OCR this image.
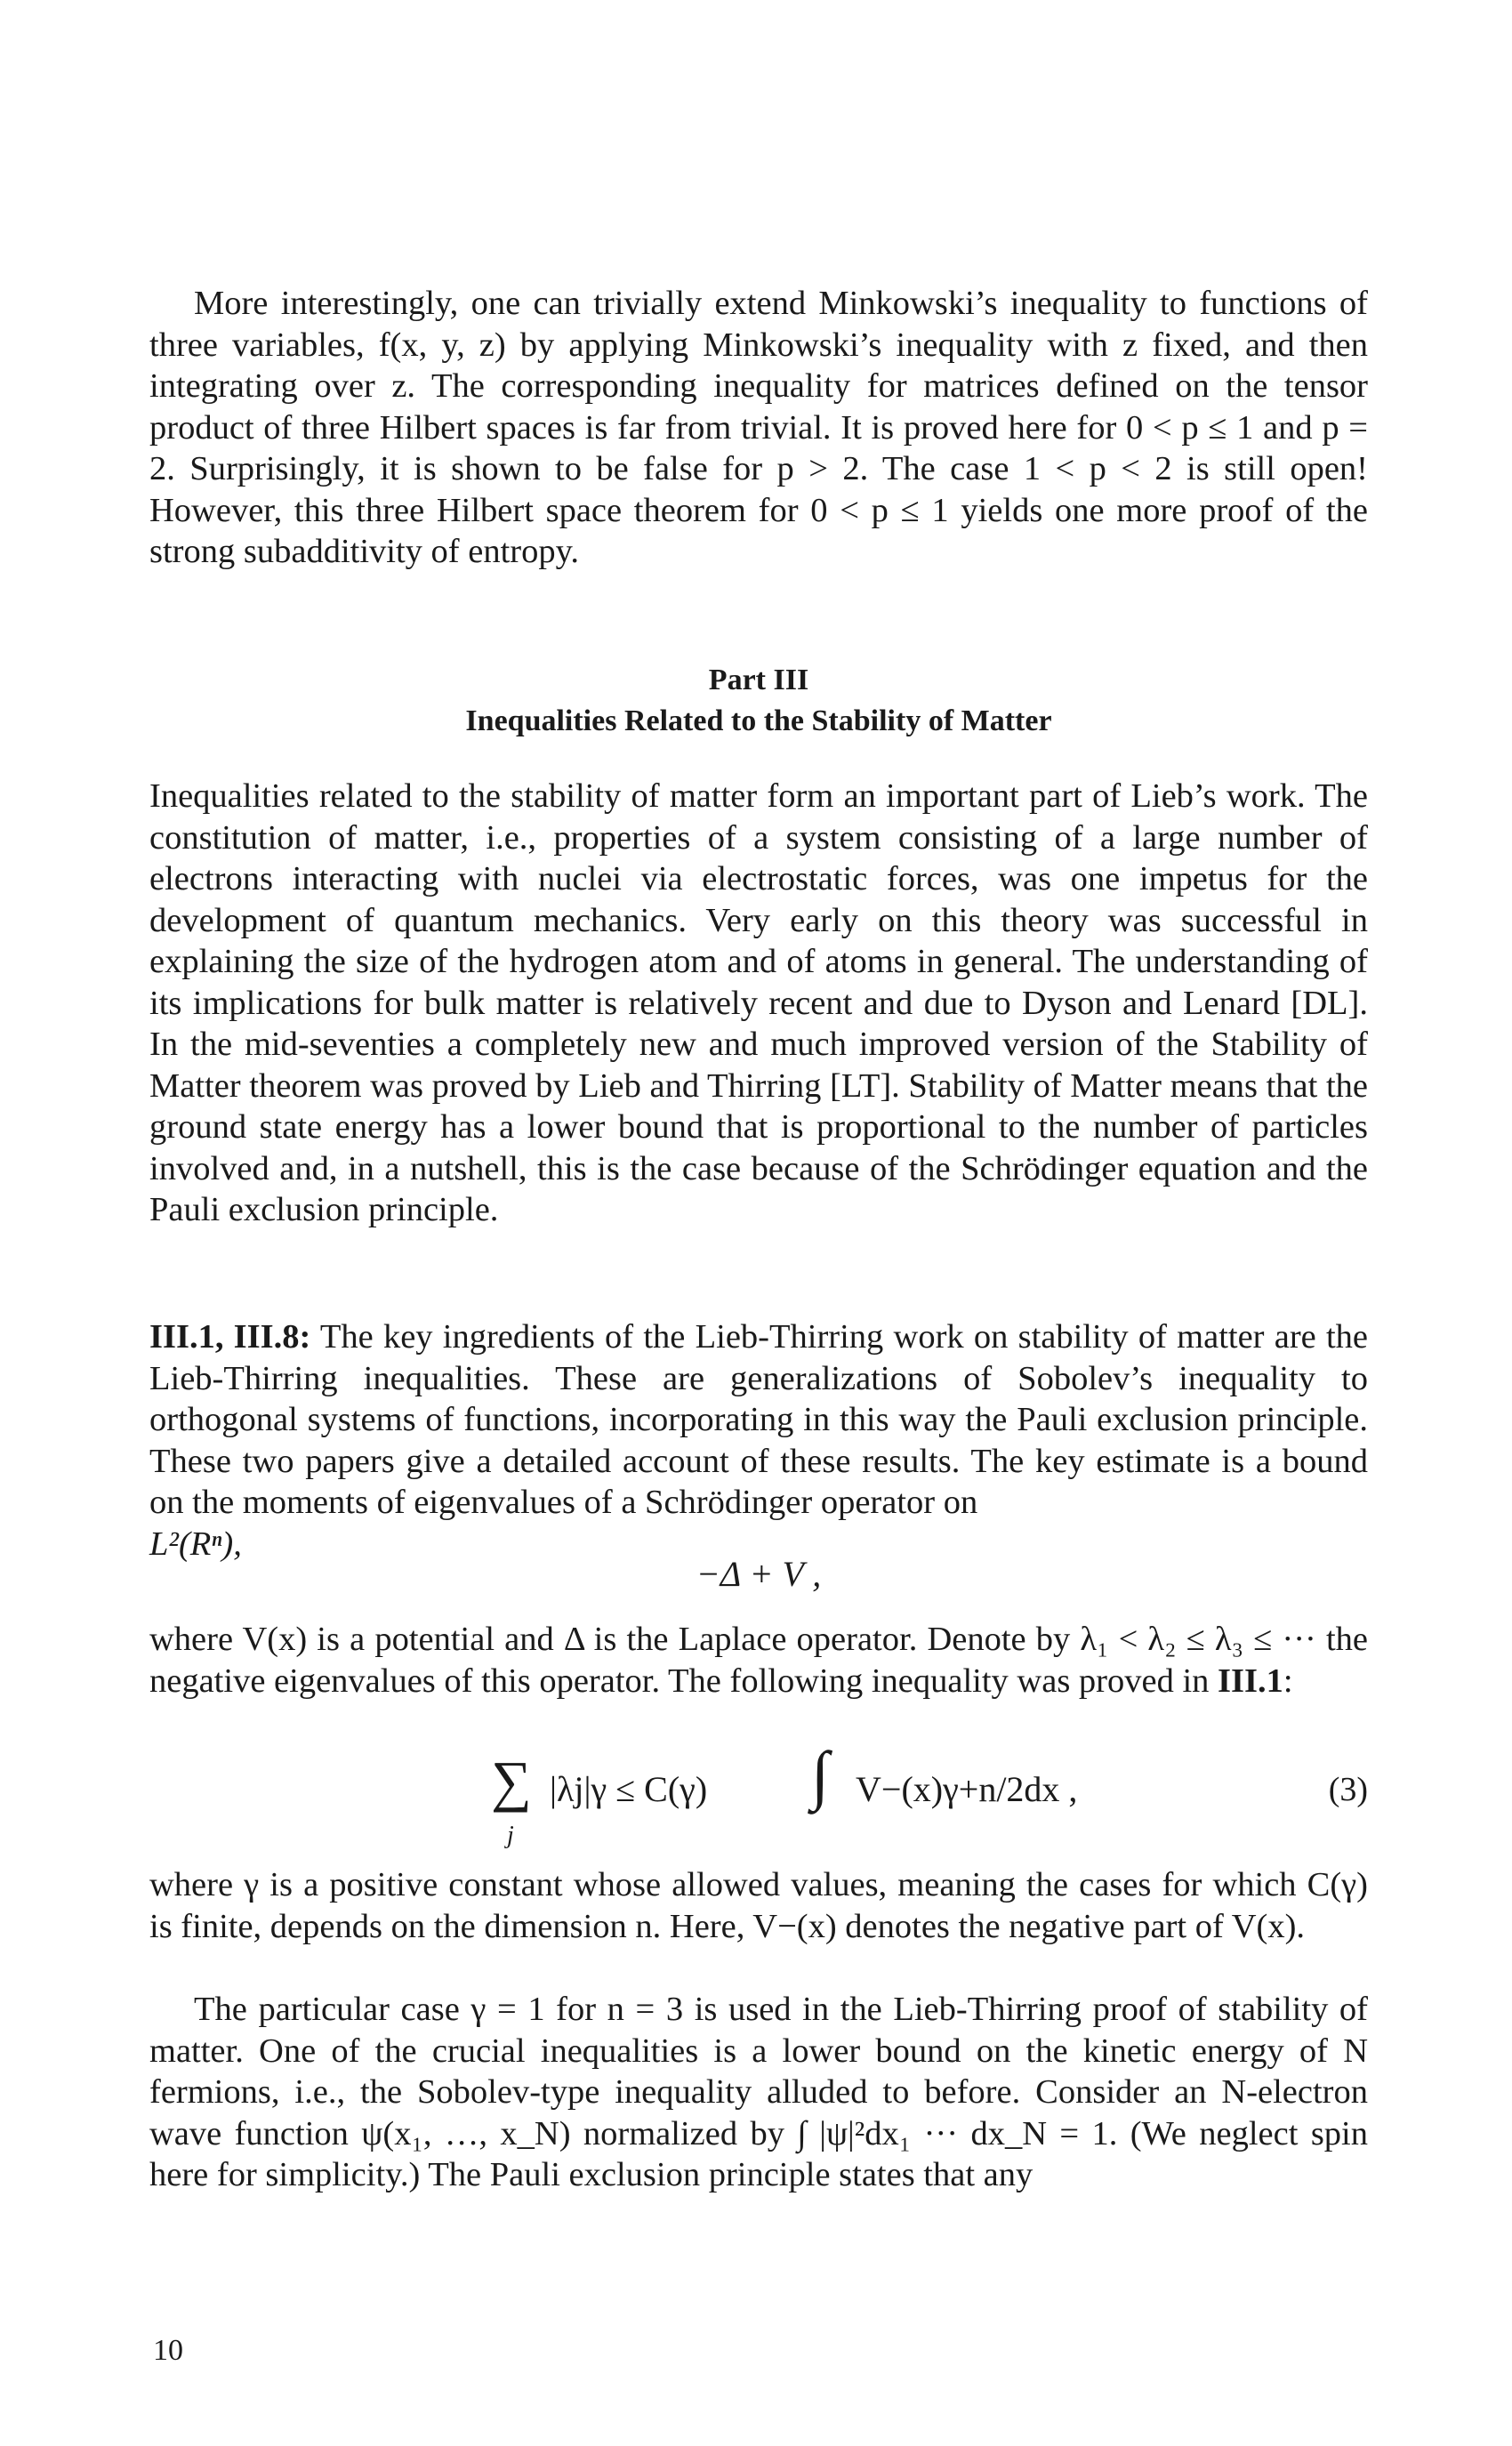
More interestingly, one can trivially extend Minkowski’s inequality to functions of three variables, f(x, y, z) by applying Minkowski’s inequality with z fixed, and then integrating over z. The corresponding inequality for matrices defined on the tensor product of three Hilbert spaces is far from trivial. It is proved here for 0 < p ≤ 1 and p = 2. Surprisingly, it is shown to be false for p > 2. The case 1 < p < 2 is still open! However, this three Hilbert space theorem for 0 < p ≤ 1 yields one more proof of the strong subadditivity of entropy.

Part III

Inequalities Related to the Stability of Matter

Inequalities related to the stability of matter form an important part of Lieb’s work. The constitution of matter, i.e., properties of a system consisting of a large number of electrons interacting with nuclei via electrostatic forces, was one impetus for the development of quantum mechanics. Very early on this theory was successful in explaining the size of the hydrogen atom and of atoms in general. The understanding of its implications for bulk matter is relatively recent and due to Dyson and Lenard [DL]. In the mid-seventies a completely new and much improved version of the Stability of Matter theorem was proved by Lieb and Thirring [LT]. Stability of Matter means that the ground state energy has a lower bound that is proportional to the number of particles involved and, in a nutshell, this is the case because of the Schrödinger equation and the Pauli exclusion principle.

III.1, III.8: The key ingredients of the Lieb-Thirring work on stability of matter are the Lieb-Thirring inequalities. These are generalizations of Sobolev’s inequality to orthogonal systems of functions, incorporating in this way the Pauli exclusion principle. These two papers give a detailed account of these results. The key estimate is a bound on the moments of eigenvalues of a Schrödinger operator on
L²(Rⁿ),

−Δ + V ,

where V(x) is a potential and Δ is the Laplace operator. Denote by λ₁ < λ₂ ≤ λ₃ ≤ ··· the negative eigenvalues of this operator. The following inequality was proved in III.1:

∑
j
|λj|γ ≤ C(γ) ∫ V−(x)γ+n/2dx ,	(3)

where γ is a positive constant whose allowed values, meaning the cases for which C(γ) is finite, depends on the dimension n. Here, V−(x) denotes the negative part of V(x).

The particular case γ = 1 for n = 3 is used in the Lieb-Thirring proof of stability of matter. One of the crucial inequalities is a lower bound on the kinetic energy of N fermions, i.e., the Sobolev-type inequality alluded to before. Consider an N-electron wave function ψ(x₁, …, x_N) normalized by ∫ |ψ|²dx₁ ··· dx_N = 1. (We neglect spin here for simplicity.) The Pauli exclusion principle states that any

10
